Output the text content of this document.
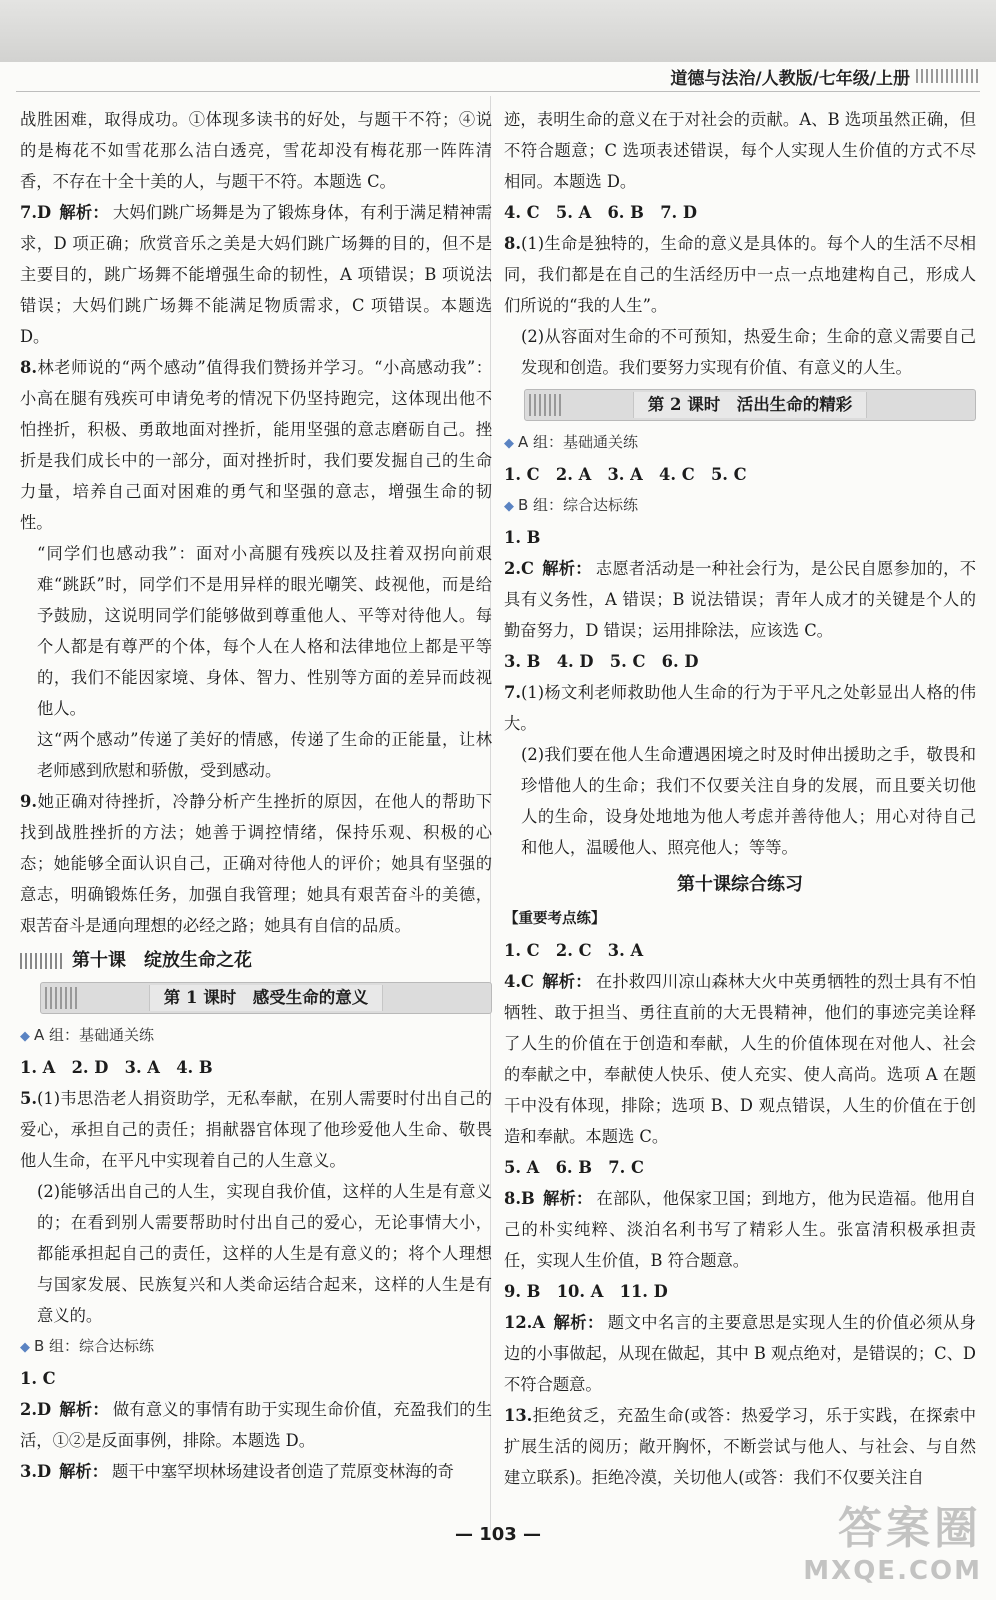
道德与法治/人教版/七年级/上册

战胜困难，取得成功。①体现多读书的好处，与题干不符；④说的是梅花不如雪花那么洁白透亮，雪花却没有梅花那一阵阵清香，不存在十全十美的人，与题干不符。本题选 C。

7.D 解析： 大妈们跳广场舞是为了锻炼身体，有利于满足精神需求，D 项正确；欣赏音乐之美是大妈们跳广场舞的目的，但不是主要目的，跳广场舞不能增强生命的韧性，A 项错误；B 项说法错误；大妈们跳广场舞不能满足物质需求，C 项错误。本题选 D。

8.林老师说的“两个感动”值得我们赞扬并学习。“小高感动我”：小高在腿有残疾可申请免考的情况下仍坚持跑完，这体现出他不怕挫折，积极、勇敢地面对挫折，能用坚强的意志磨砺自己。挫折是我们成长中的一部分，面对挫折时，我们要发掘自己的生命力量，培养自己面对困难的勇气和坚强的意志，增强生命的韧性。

“同学们也感动我”：面对小高腿有残疾以及拄着双拐向前艰难“跳跃”时，同学们不是用异样的眼光嘲笑、歧视他，而是给予鼓励，这说明同学们能够做到尊重他人、平等对待他人。每个人都是有尊严的个体，每个人在人格和法律地位上都是平等的，我们不能因家境、身体、智力、性别等方面的差异而歧视他人。

这“两个感动”传递了美好的情感，传递了生命的正能量，让林老师感到欣慰和骄傲，受到感动。

9.她正确对待挫折，冷静分析产生挫折的原因，在他人的帮助下找到战胜挫折的方法；她善于调控情绪，保持乐观、积极的心态；她能够全面认识自己，正确对待他人的评价；她具有坚强的意志，明确锻炼任务，加强自我管理；她具有艰苦奋斗的美德，艰苦奋斗是通向理想的必经之路；她具有自信的品质。

第十课　绽放生命之花
第 1 课时　感受生命的意义
◆ A 组：基础通关练

1. A　2. D　3. A　4. B

5.(1)韦思浩老人捐资助学，无私奉献，在别人需要时付出自己的爱心，承担自己的责任；捐献器官体现了他珍爱他人生命、敬畏他人生命，在平凡中实现着自己的人生意义。

(2)能够活出自己的人生，实现自我价值，这样的人生是有意义的；在看到别人需要帮助时付出自己的爱心，无论事情大小，都能承担起自己的责任，这样的人生是有意义的；将个人理想与国家发展、民族复兴和人类命运结合起来，这样的人生是有意义的。

◆ B 组：综合达标练

1. C

2.D 解析： 做有意义的事情有助于实现生命价值，充盈我们的生活，①②是反面事例，排除。本题选 D。

3.D 解析： 题干中塞罕坝林场建设者创造了荒原变林海的奇

迹，表明生命的意义在于对社会的贡献。A、B 选项虽然正确，但不符合题意；C 选项表述错误，每个人实现人生价值的方式不尽相同。本题选 D。

4. C　5. A　6. B　7. D

8.(1)生命是独特的，生命的意义是具体的。每个人的生活不尽相同，我们都是在自己的生活经历中一点一点地建构自己，形成人们所说的“我的人生”。

(2)从容面对生命的不可预知，热爱生命；生命的意义需要自己发现和创造。我们要努力实现有价值、有意义的人生。

第 2 课时　活出生命的精彩
◆ A 组：基础通关练

1. C　2. A　3. A　4. C　5. C

◆ B 组：综合达标练

1. B

2.C 解析： 志愿者活动是一种社会行为，是公民自愿参加的，不具有义务性，A 错误；B 说法错误；青年人成才的关键是个人的勤奋努力，D 错误；运用排除法，应该选 C。

3. B　4. D　5. C　6. D

7.(1)杨文利老师救助他人生命的行为于平凡之处彰显出人格的伟大。

(2)我们要在他人生命遭遇困境之时及时伸出援助之手，敬畏和珍惜他人的生命；我们不仅要关注自身的发展，而且要关切他人的生命，设身处地地为他人考虑并善待他人；用心对待自己和他人，温暖他人、照亮他人；等等。

第十课综合练习

【重要考点练】

1. C　2. C　3. A

4.C 解析： 在扑救四川凉山森林大火中英勇牺牲的烈士具有不怕牺牲、敢于担当、勇往直前的大无畏精神，他们的事迹完美诠释了人生的价值在于创造和奉献，人生的价值体现在对他人、社会的奉献之中，奉献使人快乐、使人充实、使人高尚。选项 A 在题干中没有体现，排除；选项 B、D 观点错误，人生的价值在于创造和奉献。本题选 C。

5. A　6. B　7. C

8.B 解析： 在部队，他保家卫国；到地方，他为民造福。他用自己的朴实纯粹、淡泊名利书写了精彩人生。张富清积极承担责任，实现人生价值，B 符合题意。

9. B　10. A　11. D

12.A 解析： 题文中名言的主要意思是实现人生的价值必须从身边的小事做起，从现在做起，其中 B 观点绝对，是错误的；C、D 不符合题意。

13.拒绝贫乏，充盈生命(或答：热爱学习，乐于实践，在探索中扩展生活的阅历；敞开胸怀，不断尝试与他人、与社会、与自然建立联系)。拒绝冷漠，关切他人(或答：我们不仅要关注自

— 103 —	答案圈
MXQE.COM
